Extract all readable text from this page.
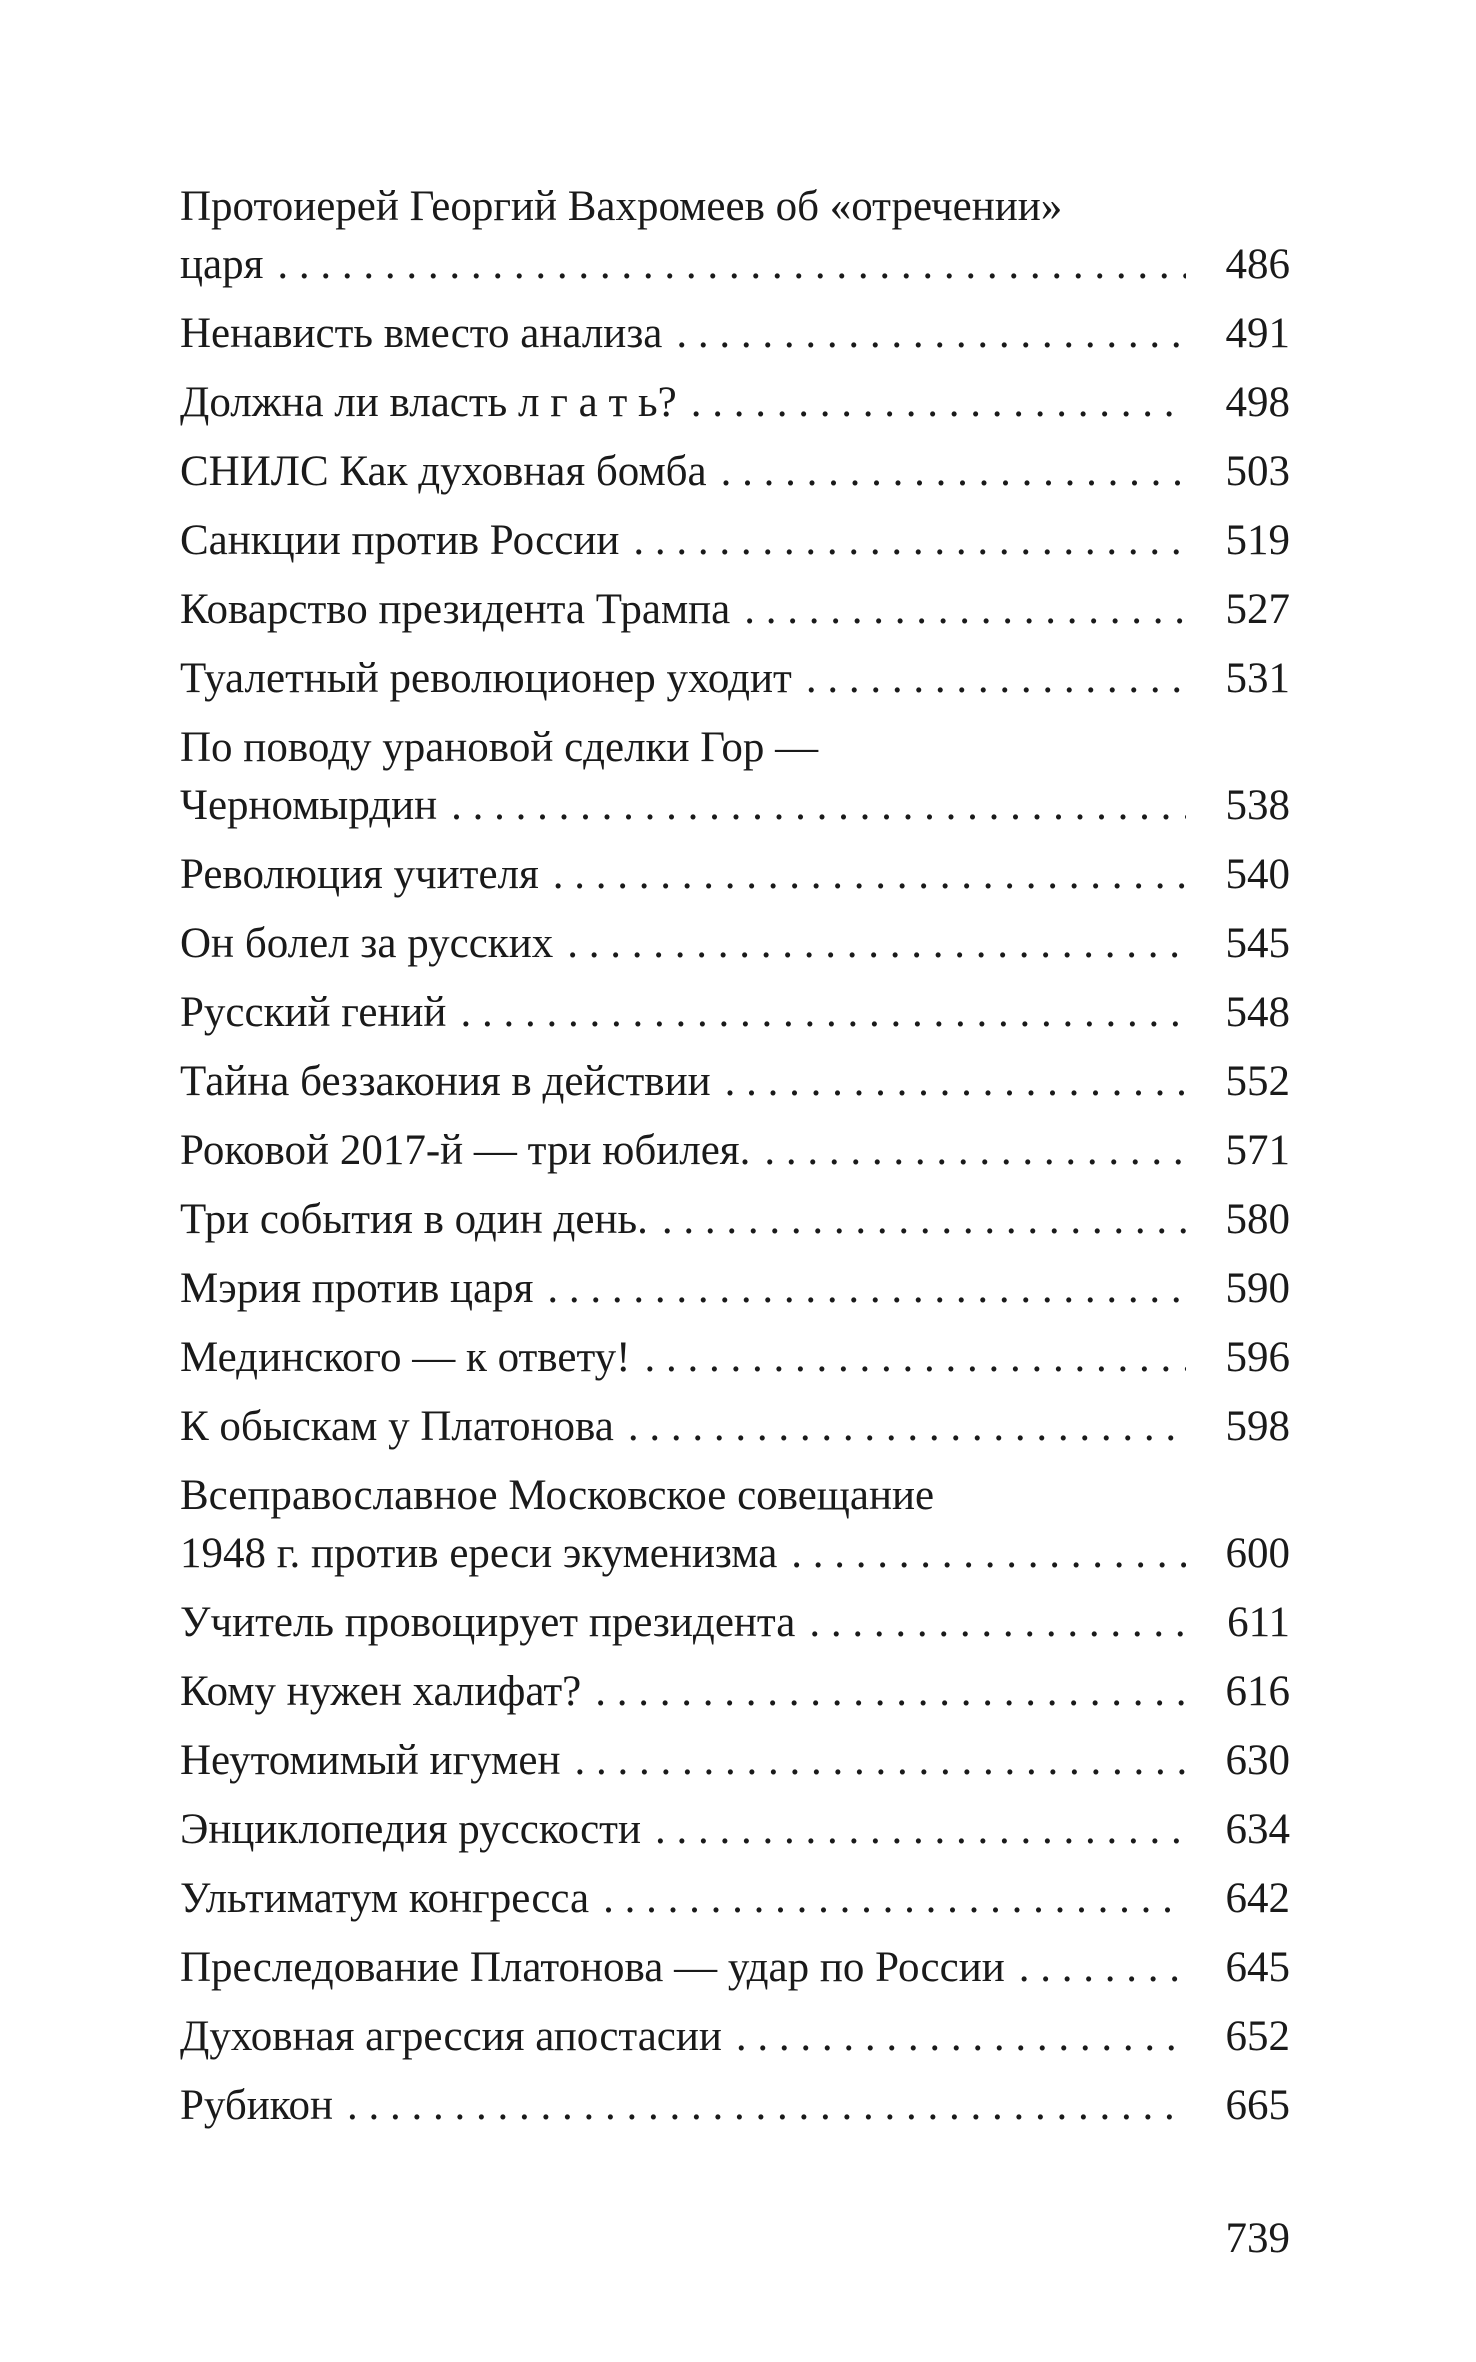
Протоиерей Георгий Вахромеев об «отречении»
царя . . .	486
Ненависть вместо анализа . . .	491
Должна ли власть л г а т ь? . . .	498
СНИЛС Как духовная бомба . . .	503
Санкции против России . . .	519
Коварство президента Трампа . . .	527
Туалетный революционер уходит . . .	531
По поводу урановой сделки Гор —
Черномырдин . . .	538
Революция учителя . . .	540
Он болел за русских . . .	545
Русский гений . . .	548
Тайна беззакония в действии . . .	552
Роковой 2017-й — три юбилея. . . .	571
Три события в один день. . . .	580
Мэрия против царя . . .	590
Мединского — к ответу! . . .	596
К обыскам у Платонова . . .	598
Всеправославное Московское совещание
1948 г. против ереси экуменизма . . .	600
Учитель провоцирует президента . . .	611
Кому нужен халифат? . . .	616
Неутомимый игумен . . .	630
Энциклопедия русскости . . .	634
Ультиматум конгресса . . .	642
Преследование Платонова — удар по России . . .	645
Духовная агрессия апостасии . . .	652
Рубикон . . .	665
739
